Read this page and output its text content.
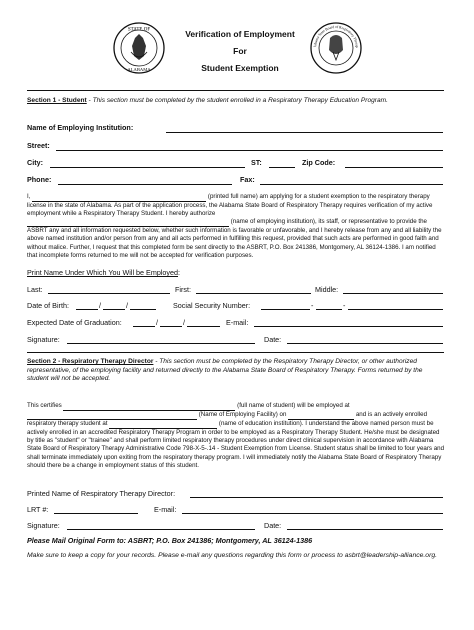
STATE OF
ALABAMA
labama State Board of Respiratory Therap
Verification of Employment
For
Student Exemption
Section 1 - Student - This section must be completed by the student enrolled in a Respiratory Therapy Education Program.
Name of Employing Institution:
Street:
City:	ST:	Zip Code:
Phone:	Fax:
I,	(printed full name) am applying for a student exemption to the respiratory therapy license in the state of Alabama. As part of the application process, the Alabama State Board of Respiratory Therapy requires verification of my active employment while a Respiratory Therapy Student. I hereby authorize
(name of employing institution), its staff, or representative to provide the ASBRT any and all information requested below, whether such information is favorable or unfavorable, and I hereby release from any and all liability the above named institution and/or person from any and all acts performed in fulfilling this request, provided that such acts are performed in good faith and without malice. Further, I request that this completed form be sent directly to the ASBRT, P.O. Box 241386, Montgomery, AL 36124-1386. I am notified that incomplete forms returned to me will not be accepted for verification purposes.
Print Name Under Which You Will be Employed:
Last:	First:	Middle:
Date of Birth:	/	/	Social Security Number:	-	-
Expected Date of Graduation:	/	/	E-mail:
Signature:	Date:
Section 2 - Respiratory Therapy Director - This section must be completed by the Respiratory Therapy Director, or other authorized representative, of the employing facility and returned directly to the Alabama State Board of Respiratory Therapy. Forms returned by the student will not be accepted.
This certifies	(full name of student) will be employed at
(Name of Employing Facility) on	and is an actively enrolled respiratory therapy student at	(name of education institution). I understand the above named person must be actively enrolled in an accredited Respiratory Therapy Program in order to be employed as a Respiratory Therapy Student. He/she must be designated by title as "student" or "trainee" and shall perform limited respiratory therapy procedures under direct clinical supervision in accordance with Alabama State Board of Respiratory Therapy Administrative Code 798-X-5-.14 - Student Exemption from License. Student status shall be limited to four years and shall terminate immediately upon exiting from the respiratory therapy program. I will immediately notify the Alabama State Board of Respiratory Therapy should there be a change in employment status of this student.
Printed Name of Respiratory Therapy Director:
LRT #:	E-mail:
Signature:	Date:
Please Mail Original Form to: ASBRT; P.O. Box 241386; Montgomery, AL 36124-1386
Make sure to keep a copy for your records. Please e-mail any questions regarding this form or process to asbrt@leadership-alliance.org.
